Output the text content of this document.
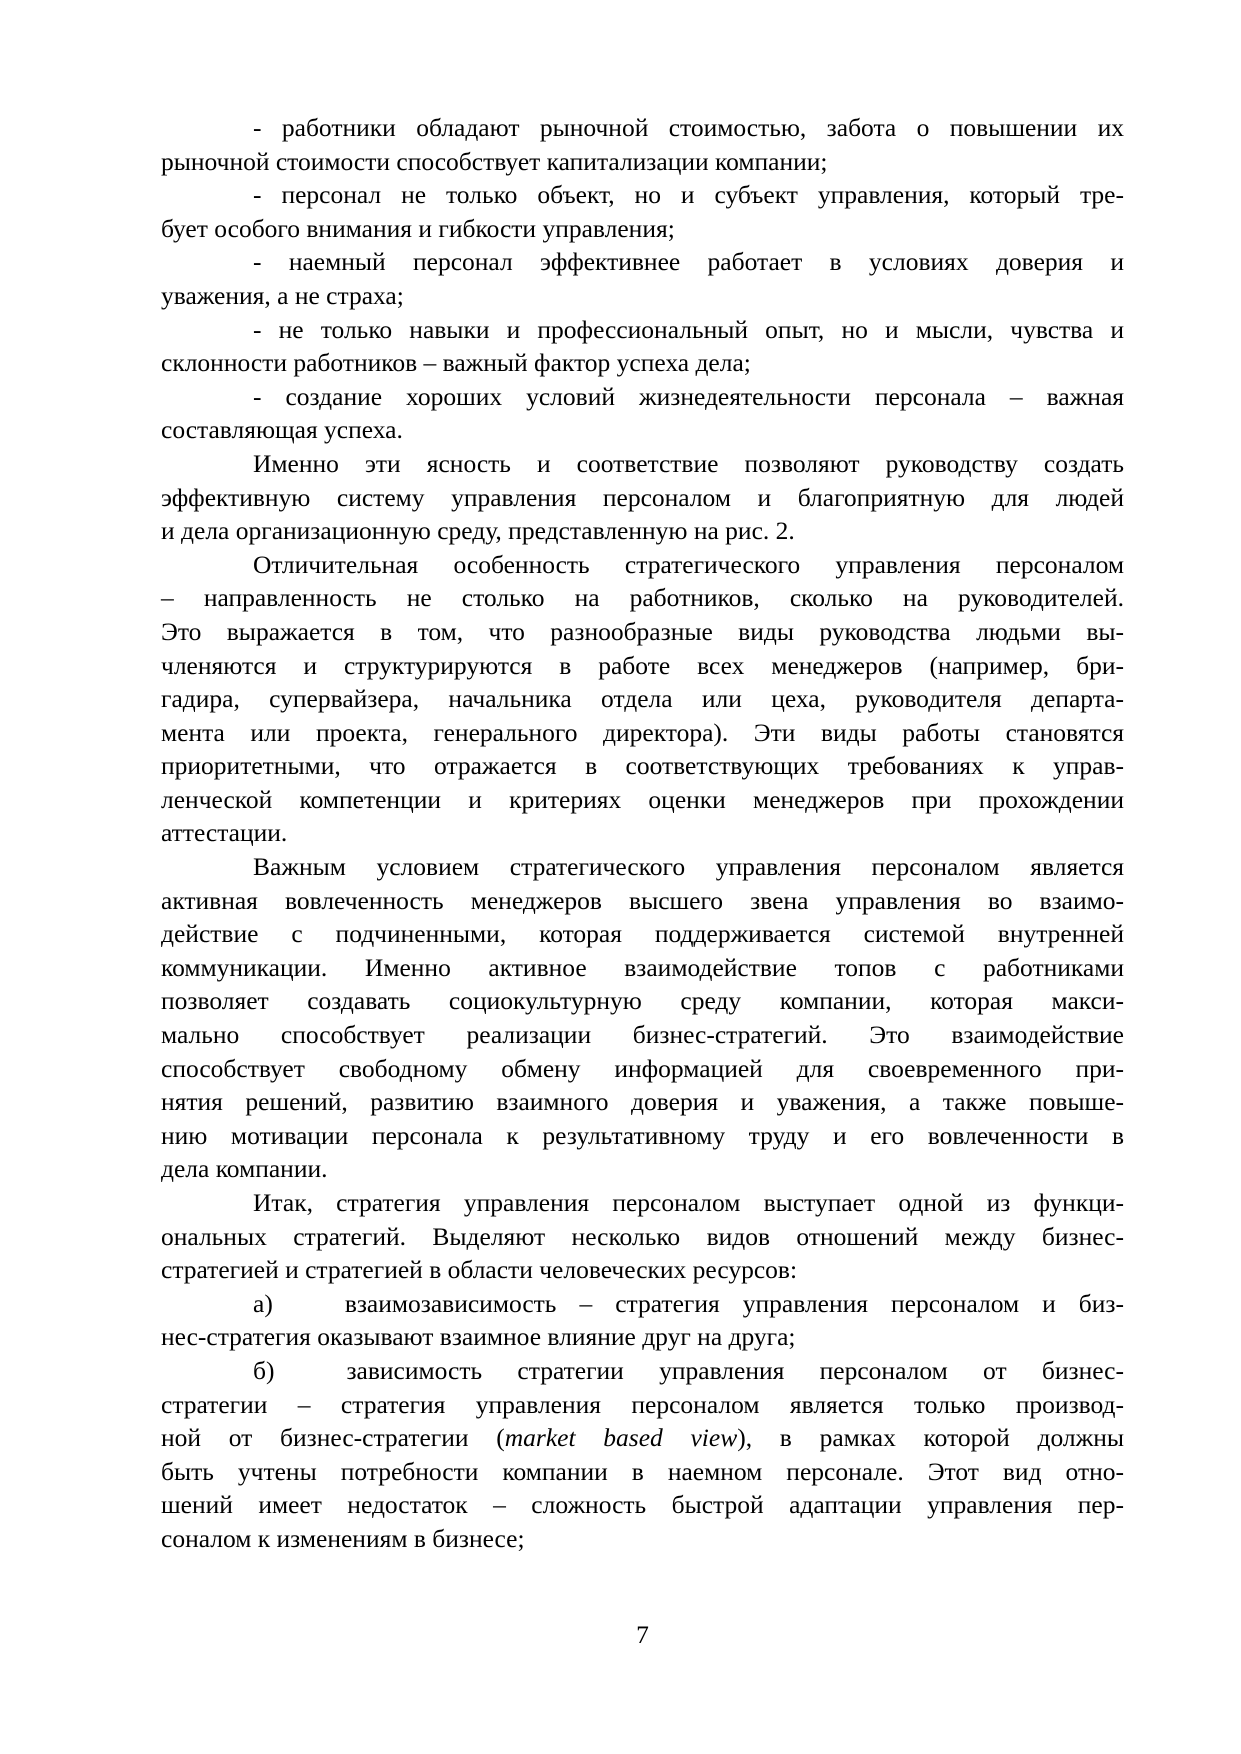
- работники обладают рыночной стоимостью, забота о повышении их
рыночной стоимости способствует капитализации компании;
- персонал не только объект, но и субъект управления, который тре-
бует особого внимания и гибкости управления;
- наемный персонал эффективнее работает в условиях доверия и
уважения, а не страха;
- не только навыки и профессиональный опыт, но и мысли, чувства и
склонности работников – важный фактор успеха дела;
- создание хороших условий жизнедеятельности персонала – важная
составляющая успеха.
Именно эти ясность и соответствие позволяют руководству создать
эффективную систему управления персоналом и благоприятную для людей
и дела организационную среду, представленную на рис. 2.
Отличительная особенность стратегического управления персоналом
– направленность не столько на работников, сколько на руководителей.
Это выражается в том, что разнообразные виды руководства людьми вы-
членяются и структурируются в работе всех менеджеров (например, бри-
гадира, супервайзера, начальника отдела или цеха, руководителя департа-
мента или проекта, генерального директора). Эти виды работы становятся
приоритетными, что отражается в соответствующих требованиях к управ-
ленческой компетенции и критериях оценки менеджеров при прохождении
аттестации.
Важным условием стратегического управления персоналом является
активная вовлеченность менеджеров высшего звена управления во взаимо-
действие с подчиненными, которая поддерживается системой внутренней
коммуникации. Именно активное взаимодействие топов с работниками
позволяет создавать социокультурную среду компании, которая макси-
мально способствует реализации бизнес-стратегий. Это взаимодействие
способствует свободному обмену информацией для своевременного при-
нятия решений, развитию взаимного доверия и уважения, а также повыше-
нию мотивации персонала к результативному труду и его вовлеченности в
дела компании.
Итак, стратегия управления персоналом выступает одной из функци-
ональных стратегий. Выделяют несколько видов отношений между бизнес-
стратегией и стратегией в области человеческих ресурсов:
а)	взаимозависимость – стратегия управления персоналом и биз-
нес-стратегия оказывают взаимное влияние друг на друга;
б)	зависимость стратегии управления персоналом от бизнес-
стратегии – стратегия управления персоналом является только производ-
ной от бизнес-стратегии (market based view), в рамках которой должны
быть учтены потребности компании в наемном персонале. Этот вид отно-
шений имеет недостаток – сложность быстрой адаптации управления пер-
соналом к изменениям в бизнесе;
7
